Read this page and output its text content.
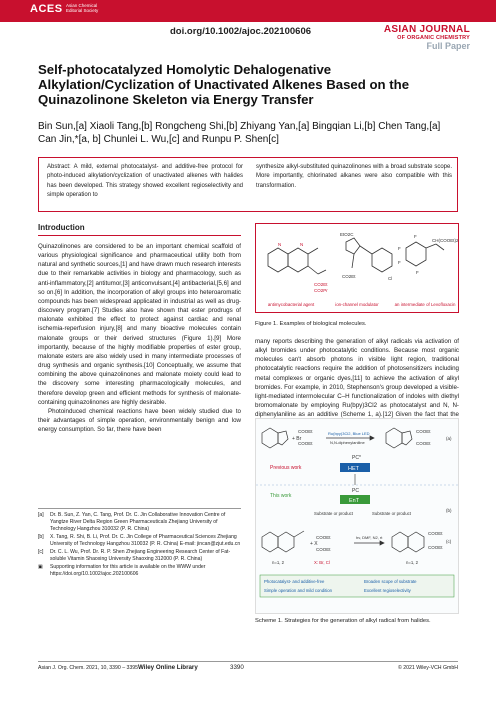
ACES Asian Chemical Editorial Society
doi.org/10.1002/ajoc.202100606	ASIAN JOURNAL
OF ORGANIC CHEMISTRY
Full Paper
Self-photocatalyzed Homolytic Dehalogenative Alkylation/Cyclization of Unactivated Alkenes Based on the Quinazolinone Skeleton via Energy Transfer
Bin Sun,[a] Xiaoli Tang,[b] Rongcheng Shi,[b] Zhiyang Yan,[a] Bingqian Li,[b] Chen Tang,[a] Can Jin,*[a, b] Chunlei L. Wu,[c] and Runpu P. Shen[c]
Abstract: A mild, external photocatalyst- and additive-free protocol for photo-induced alkylation/cyclization of unactivated alkenes with halides has been developed. This strategy showed excellent regioselectivity and simple operation to
synthesize alkyl-substituted quinazolinones with a broad substrate scope. More importantly, chlorinated alkanes were also compatible with this transformation.
Introduction

Quinazolinones are considered to be an important chemical scaffold of various physiological significance and pharmaceutical utility both from natural and synthetic sources,[1] and have drawn much research interests due to their remarkable activities in biology and pharmacology, such as anti-inflammatory,[2] antitumor,[3] anticonvulsant,[4] antibacterial,[5,6] and so on.[6] In addition, the incorporation of alkyl groups into heteroaromatic compounds has been widespread applicated in industrial as well as drug-discovery program.[7] Studies also have shown that ester prodrugs of malonate exhibited the effect to protect against cardiac and renal ischemia-reperfusion injury,[8] and many bioactive molecules contain malonate groups or their derived structures (Figure 1).[9] More importantly, because of the highly modifiable properties of ester group, malonate esters are also widely used in many intermediate processes of drug synthesis and organic synthesis.[10] Conceptually, we assume that combining the above quinazolinones and malonate moiety could lead to the discovery some interesting pharmacologically molecules, and therefore develop green and efficient methods for synthesis of malonate-containing quinazolinones are highly desirable.

Photoinduced chemical reactions have been widely studied due to their advantages of simple operation, environmentally benign and low energy consumption. So far, there have been

N	N
CO2Et
CO2Pr
EtO2C
CO2Et	Cl
CH(COOEt)2
F
F
F
F
antimycobacterial agent	ion-channel modulator	an intermediate of Levofloxacin
Figure 1. Examples of biological molecules.
many reports describing the generation of alkyl radicals via activation of alkyl bromides under photocatalytic conditions. Because most organic molecules can't absorb photons in visible light region, traditional photocatalytic reactions require the addition of photosensitizers including metal complexes or organic dyes,[11] to achieve the activation of alkyl bromides. For example, in 2010, Stephenson's group developed a visible-light-mediated intermolecular C–H functionalization of indoles with diethyl bromomalonate by employing Ru(bpy)3Cl2 as photocatalyst and N, N-diphenylaniline as an additive (Scheme 1, a).[12] Given the fact that the
COOEt
+ Br
COOEt
Ru(bpy)3Cl2, Blue LED
N,N-diphenylaniline
COOEt
COOEt
(a)
PC*
Previous work	HET
PC
This work
EnT
Substrate or product	Substrate or product
(b)
COOEt
+ X
COOEt
hv, DMF, N2, rt
COOEt
COOEt
(c)
n=1, 2	X: Br, Cl	n=1, 2
Photocatalyst- and additive-free
Simple operation and mild condition
Broaden scope of substrate
Excellent regioselectivity
Scheme 1. Strategies for the generation of alkyl radical from halides.
[a]	Dr. B. Sun, Z. Yan, C. Tang, Prof. Dr. C. Jin Collaborative Innovation Centre of Yangtze River Delta Region Green Pharmaceuticals Zhejiang University of Technology Hangzhou 310032 (P. R. China)
[b]	X. Tang, R. Shi, B. Li, Prof. Dr. C. Jin College of Pharmaceutical Sciences Zhejiang University of Technology Hangzhou 310032 (P. R. China) E-mail: jincan@zjut.edu.cn
[c]	Dr. C. L. Wu, Prof. Dr. R. P. Shen Zhejiang Engineering Research Center of Fat-soluble Vitamin Shaoxing University Shaoxing 312000 (P. R. China)
▣	Supporting information for this article is available on the WWW under https://doi.org/10.1002/ajoc.202100606
Asian J. Org. Chem. 2021, 10, 3390 – 3395 Wiley Online Library	3390	© 2021 Wiley-VCH GmbH
